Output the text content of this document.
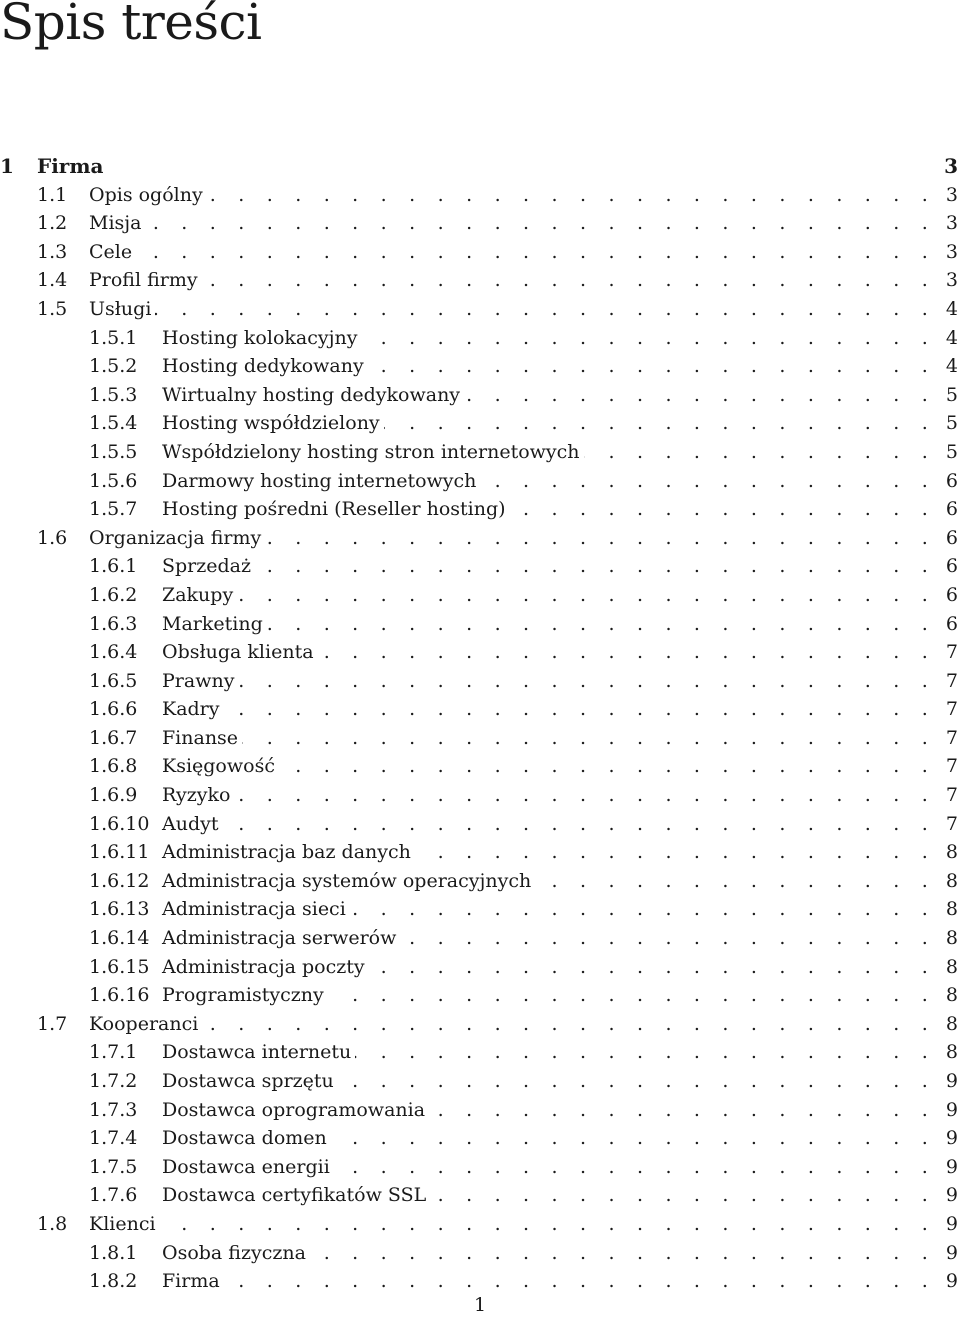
Spis treści
1	Firma	3
1.1	Opis ogólny . . .	3
1.2	Misja . . .	3
1.3	Cele . . .	3
1.4	Profil firmy . . .	3
1.5	Usługi . . .	4
1.5.1	Hosting kolokacyjny . . .	4
1.5.2	Hosting dedykowany . . .	4
1.5.3	Wirtualny hosting dedykowany . . .	5
1.5.4	Hosting współdzielony . . .	5
1.5.5	Współdzielony hosting stron internetowych . . .	5
1.5.6	Darmowy hosting internetowych . . .	6
1.5.7	Hosting pośredni (Reseller hosting) . . .	6
1.6	Organizacja firmy . . .	6
1.6.1	Sprzedaż . . .	6
1.6.2	Zakupy . . .	6
1.6.3	Marketing . . .	6
1.6.4	Obsługa klienta . . .	7
1.6.5	Prawny . . .	7
1.6.6	Kadry . . .	7
1.6.7	Finanse . . .	7
1.6.8	Księgowość . . .	7
1.6.9	Ryzyko . . .	7
1.6.10 Audyt . . .	7
1.6.11 Administracja baz danych . . .	8
1.6.12 Administracja systemów operacyjnych . . .	8
1.6.13 Administracja sieci . . .	8
1.6.14 Administracja serwerów . . .	8
1.6.15 Administracja poczty . . .	8
1.6.16 Programistyczny . . .	8
1.7	Kooperanci . . .	8
1.7.1	Dostawca internetu . . .	8
1.7.2	Dostawca sprzętu . . .	9
1.7.3	Dostawca oprogramowania . . .	9
1.7.4	Dostawca domen . . .	9
1.7.5	Dostawca energii . . .	9
1.7.6	Dostawca certyfikatów SSL . . .	9
1.8	Klienci . . .	9
1.8.1	Osoba fizyczna . . .	9
1.8.2	Firma . . .	9
1
